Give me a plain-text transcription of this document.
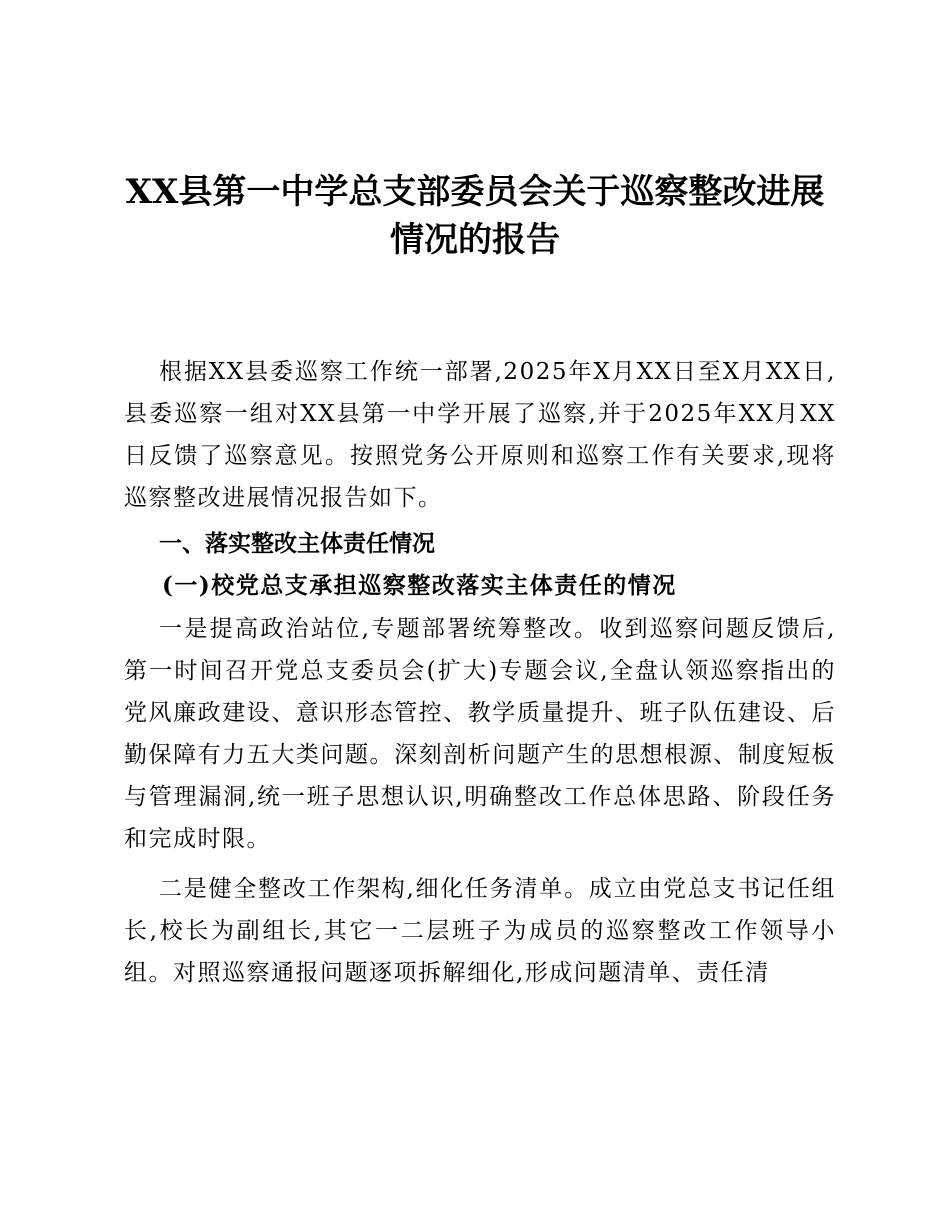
XX县第一中学总支部委员会关于巡察整改进展
情况的报告

根据XX县委巡察工作统一部署,2025年X月XX日至X月XX日,县委巡察一组对XX县第一中学开展了巡察,并于2025年XX月XX日反馈了巡察意见。按照党务公开原则和巡察工作有关要求,现将巡察整改进展情况报告如下。

一、落实整改主体责任情况
(一)校党总支承担巡察整改落实主体责任的情况

一是提高政治站位,专题部署统筹整改。收到巡察问题反馈后,第一时间召开党总支委员会(扩大)专题会议,全盘认领巡察指出的党风廉政建设、意识形态管控、教学质量提升、班子队伍建设、后勤保障有力五大类问题。深刻剖析问题产生的思想根源、制度短板与管理漏洞,统一班子思想认识,明确整改工作总体思路、阶段任务和完成时限。

二是健全整改工作架构,细化任务清单。成立由党总支书记任组长,校长为副组长,其它一二层班子为成员的巡察整改工作领导小组。对照巡察通报问题逐项拆解细化,形成问题清单、责任清
